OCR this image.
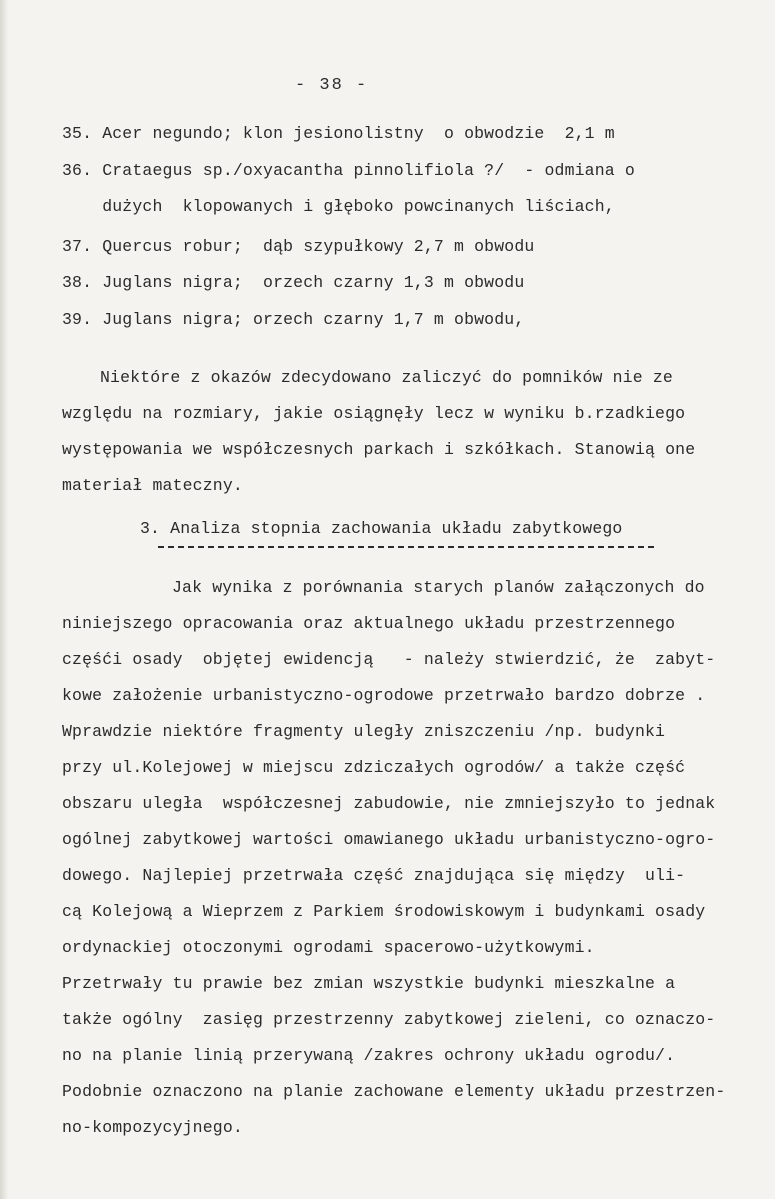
- 38 -
35. Acer negundo; klon jesionolistny  o obwodzie  2,1 m
36. Crataegus sp./oxyacantha pinnolifiola ?/  - odmiana o
dużych  klopowanych i głęboko powcinanych liściach,
37. Quercus robur;  dąb szypułkowy 2,7 m obwodu
38. Juglans nigra;  orzech czarny 1,3 m obwodu
39. Juglans nigra; orzech czarny 1,7 m obwodu,
Niektóre z okazów zdecydowano zaliczyć do pomników nie ze
względu na rozmiary, jakie osiągnęły lecz w wyniku b.rzadkiego
występowania we współczesnych parkach i szkółkach. Stanowią one
materiał mateczny.
3. Analiza stopnia zachowania układu zabytkowego
Jak wynika z porównania starych planów załączonych do
niniejszego opracowania oraz aktualnego układu przestrzennego
częśći osady  objętej ewidencją   - należy stwierdzić, że  zabyt-
kowe założenie urbanistyczno-ogrodowe przetrwało bardzo dobrze .
Wprawdzie niektóre fragmenty uległy zniszczeniu /np. budynki
przy ul.Kolejowej w miejscu zdziczałych ogrodów/ a także część
obszaru uległa  współczesnej zabudowie, nie zmniejszyło to jednak
ogólnej zabytkowej wartości omawianego układu urbanistyczno-ogro-
dowego. Najlepiej przetrwała część znajdująca się między  uli-
cą Kolejową a Wieprzem z Parkiem środowiskowym i budynkami osady
ordynackiej otoczonymi ogrodami spacerowo-użytkowymi.
Przetrwały tu prawie bez zmian wszystkie budynki mieszkalne a
także ogólny  zasięg przestrzenny zabytkowej zieleni, co oznaczo-
no na planie linią przerywaną /zakres ochrony układu ogrodu/.
Podobnie oznaczono na planie zachowane elementy układu przestrzen-
no-kompozycyjnego.
